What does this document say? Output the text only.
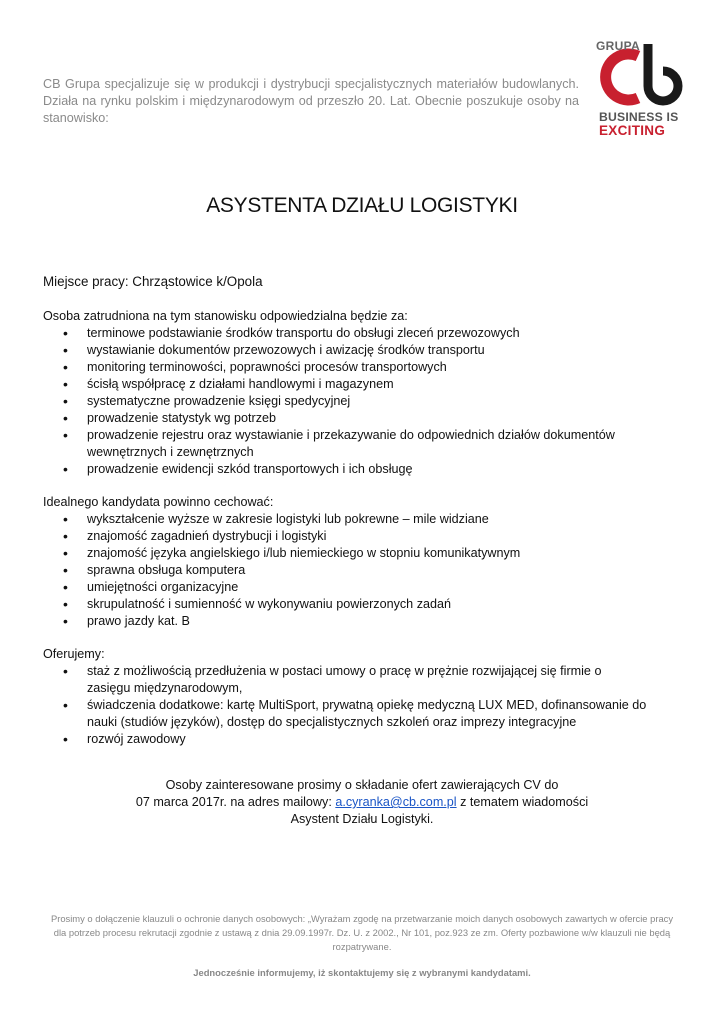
CB Grupa specjalizuje się w produkcji i dystrybucji specjalistycznych materiałów budowlanych. Działa na rynku polskim i międzynarodowym od przeszło 20. Lat. Obecnie poszukuje osoby na stanowisko:
GRUPA
BUSINESS IS
EXCITING
ASYSTENTA DZIAŁU LOGISTYKI
Miejsce pracy: Chrząstowice k/Opola
Osoba zatrudniona na tym stanowisku odpowiedzialna będzie za:
• terminowe podstawianie środków transportu do obsługi zleceń przewozowych
• wystawianie dokumentów przewozowych i awizację środków transportu
• monitoring terminowości, poprawności procesów transportowych
• ścisłą współpracę z działami handlowymi i magazynem
• systematyczne prowadzenie księgi spedycyjnej
• prowadzenie statystyk wg potrzeb
• prowadzenie rejestru oraz wystawianie i przekazywanie do odpowiednich działów dokumentów wewnętrznych i zewnętrznych
• prowadzenie ewidencji szkód transportowych i ich obsługę
Idealnego kandydata powinno cechować:
• wykształcenie wyższe w zakresie logistyki lub pokrewne – mile widziane
• znajomość zagadnień dystrybucji i logistyki
• znajomość języka angielskiego i/lub niemieckiego w stopniu komunikatywnym
• sprawna obsługa komputera
• umiejętności organizacyjne
• skrupulatność i sumienność w wykonywaniu powierzonych zadań
• prawo jazdy kat. B
Oferujemy:
• staż z możliwością przedłużenia w postaci umowy o pracę w prężnie rozwijającej się firmie o zasięgu międzynarodowym,
• świadczenia dodatkowe: kartę MultiSport, prywatną opiekę medyczną LUX MED, dofinansowanie do nauki (studiów języków), dostęp do specjalistycznych szkoleń oraz imprezy integracyjne
• rozwój zawodowy
Osoby zainteresowane prosimy o składanie ofert zawierających CV do
07 marca 2017r. na adres mailowy: a.cyranka@cb.com.pl z tematem wiadomości
Asystent Działu Logistyki.
Prosimy o dołączenie klauzuli o ochronie danych osobowych: „Wyrażam zgodę na przetwarzanie moich danych osobowych zawartych w ofercie pracy dla potrzeb procesu rekrutacji zgodnie z ustawą z dnia 29.09.1997r. Dz. U. z 2002., Nr 101, poz.923 ze zm. Oferty pozbawione w/w klauzuli nie będą rozpatrywane.
Jednocześnie informujemy, iż skontaktujemy się z wybranymi kandydatami.
